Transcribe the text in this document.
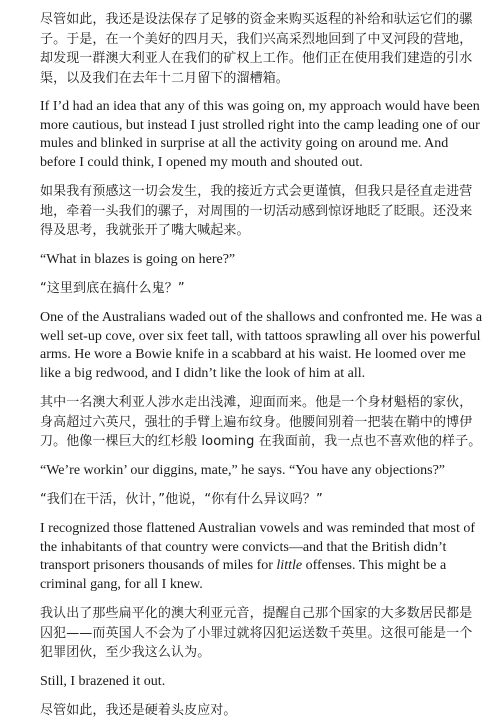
尽管如此，我还是设法保存了足够的资金来购买返程的补给和驮运它们的骡子。于是，在一个美好的四月天，我们兴高采烈地回到了中叉河段的营地，却发现一群澳大利亚人在我们的矿权上工作。他们正在使用我们建造的引水渠，以及我们在去年十二月留下的溜槽箱。

If I’d had an idea that any of this was going on, my approach would have been more cautious, but instead I just strolled right into the camp leading one of our mules and blinked in surprise at all the activity going on around me. And before I could think, I opened my mouth and shouted out.

如果我有预感这一切会发生，我的接近方式会更谨慎，但我只是径直走进营地，牵着一头我们的骡子，对周围的一切活动感到惊讶地眨了眨眼。还没来得及思考，我就张开了嘴大喊起来。

“What in blazes is going on here?”

“这里到底在搞什么鬼？”

One of the Australians waded out of the shallows and confronted me. He was a well set-up cove, over six feet tall, with tattoos sprawling all over his powerful arms. He wore a Bowie knife in a scabbard at his waist. He loomed over me like a big redwood, and I didn’t like the look of him at all.

其中一名澳大利亚人涉水走出浅滩，迎面而来。他是一个身材魁梧的家伙，身高超过六英尺，强壮的手臂上遍布纹身。他腰间别着一把装在鞘中的博伊刀。他像一棵巨大的红杉般 looming 在我面前，我一点也不喜欢他的样子。

“We’re workin’ our diggins, mate,” he says. “You have any objections?”

“我们在干活，伙计，”他说，“你有什么异议吗？”

I recognized those flattened Australian vowels and was reminded that most of the inhabitants of that country were convicts—and that the British didn’t transport prisoners thousands of miles for little offenses. This might be a criminal gang, for all I knew.

我认出了那些扁平化的澳大利亚元音，提醒自己那个国家的大多数居民都是囚犯——而英国人不会为了小罪过就将囚犯运送数千英里。这很可能是一个犯罪团伙，至少我这么认为。

Still, I brazened it out.

尽管如此，我还是硬着头皮应对。
